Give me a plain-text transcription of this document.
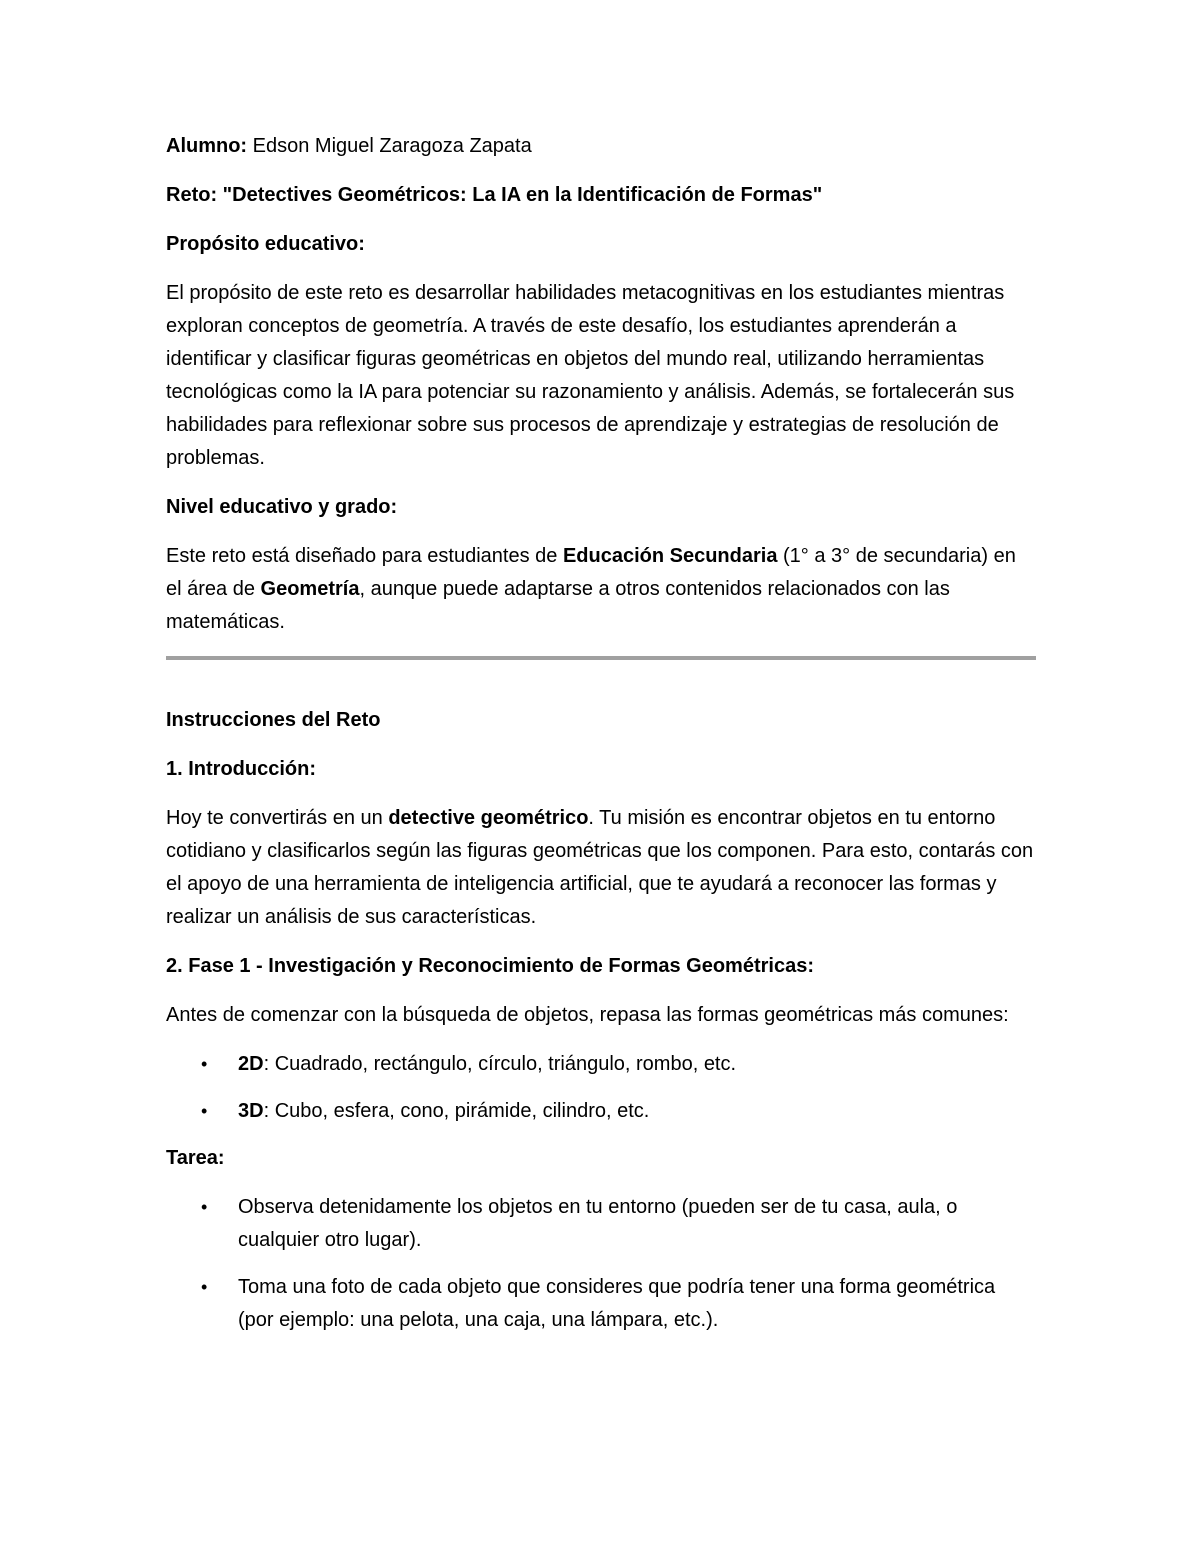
Alumno: Edson Miguel Zaragoza Zapata

Reto: "Detectives Geométricos: La IA en la Identificación de Formas"

Propósito educativo:

El propósito de este reto es desarrollar habilidades metacognitivas en los estudiantes mientras exploran conceptos de geometría. A través de este desafío, los estudiantes aprenderán a identificar y clasificar figuras geométricas en objetos del mundo real, utilizando herramientas tecnológicas como la IA para potenciar su razonamiento y análisis. Además, se fortalecerán sus habilidades para reflexionar sobre sus procesos de aprendizaje y estrategias de resolución de problemas.

Nivel educativo y grado:

Este reto está diseñado para estudiantes de Educación Secundaria (1° a 3° de secundaria) en el área de Geometría, aunque puede adaptarse a otros contenidos relacionados con las matemáticas.

Instrucciones del Reto

1. Introducción:

Hoy te convertirás en un detective geométrico. Tu misión es encontrar objetos en tu entorno cotidiano y clasificarlos según las figuras geométricas que los componen. Para esto, contarás con el apoyo de una herramienta de inteligencia artificial, que te ayudará a reconocer las formas y realizar un análisis de sus características.

2. Fase 1 - Investigación y Reconocimiento de Formas Geométricas:

Antes de comenzar con la búsqueda de objetos, repasa las formas geométricas más comunes:

• 2D: Cuadrado, rectángulo, círculo, triángulo, rombo, etc.
• 3D: Cubo, esfera, cono, pirámide, cilindro, etc.

Tarea:

• Observa detenidamente los objetos en tu entorno (pueden ser de tu casa, aula, o cualquier otro lugar).
• Toma una foto de cada objeto que consideres que podría tener una forma geométrica (por ejemplo: una pelota, una caja, una lámpara, etc.).
